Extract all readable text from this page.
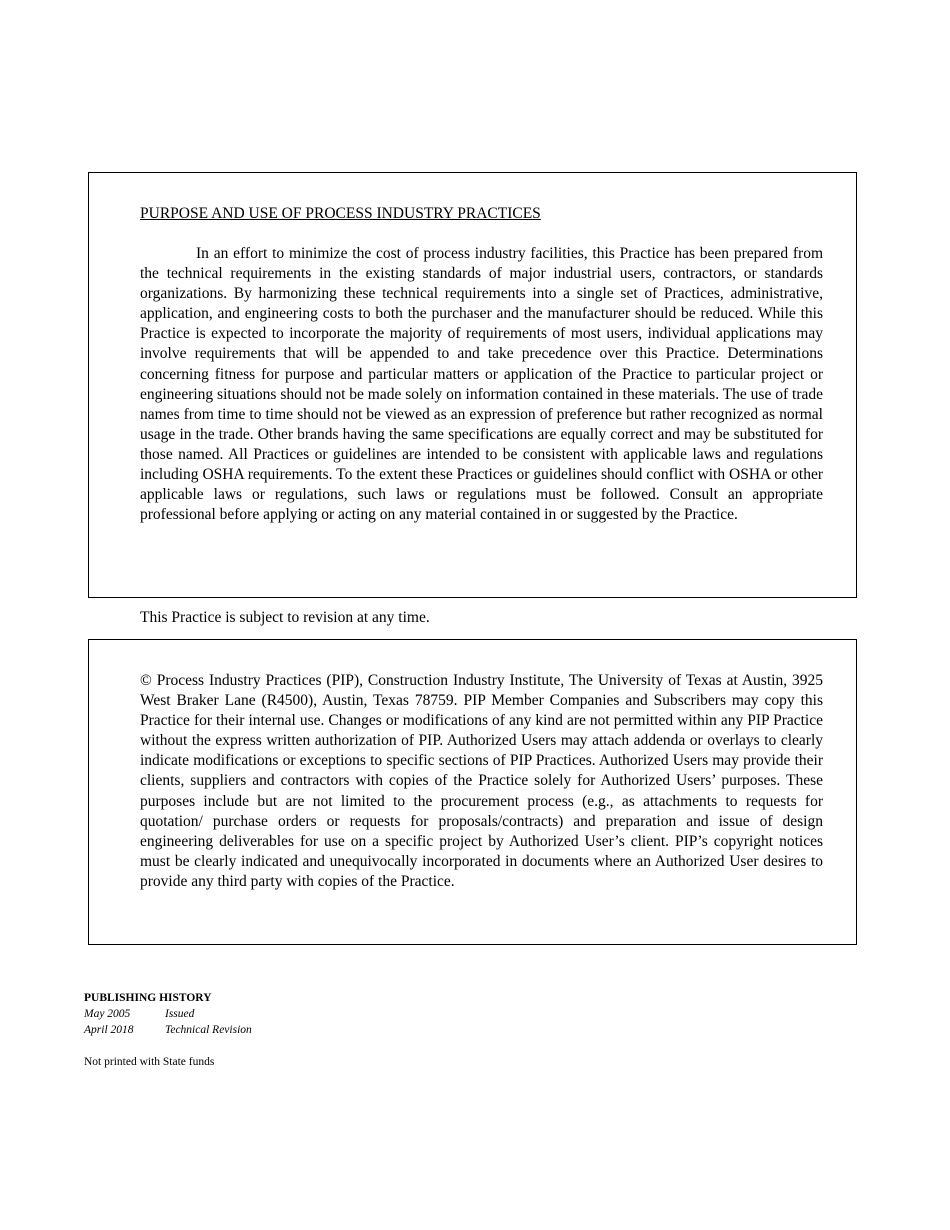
PURPOSE AND USE OF PROCESS INDUSTRY PRACTICES

In an effort to minimize the cost of process industry facilities, this Practice has been prepared from the technical requirements in the existing standards of major industrial users, contractors, or standards organizations. By harmonizing these technical requirements into a single set of Practices, administrative, application, and engineering costs to both the purchaser and the manufacturer should be reduced. While this Practice is expected to incorporate the majority of requirements of most users, individual applications may involve requirements that will be appended to and take precedence over this Practice. Determinations concerning fitness for purpose and particular matters or application of the Practice to particular project or engineering situations should not be made solely on information contained in these materials. The use of trade names from time to time should not be viewed as an expression of preference but rather recognized as normal usage in the trade. Other brands having the same specifications are equally correct and may be substituted for those named. All Practices or guidelines are intended to be consistent with applicable laws and regulations including OSHA requirements. To the extent these Practices or guidelines should conflict with OSHA or other applicable laws or regulations, such laws or regulations must be followed. Consult an appropriate professional before applying or acting on any material contained in or suggested by the Practice.

This Practice is subject to revision at any time.

© Process Industry Practices (PIP), Construction Industry Institute, The University of Texas at Austin, 3925 West Braker Lane (R4500), Austin, Texas 78759. PIP Member Companies and Subscribers may copy this Practice for their internal use. Changes or modifications of any kind are not permitted within any PIP Practice without the express written authorization of PIP. Authorized Users may attach addenda or overlays to clearly indicate modifications or exceptions to specific sections of PIP Practices. Authorized Users may provide their clients, suppliers and contractors with copies of the Practice solely for Authorized Users’ purposes. These purposes include but are not limited to the procurement process (e.g., as attachments to requests for quotation/ purchase orders or requests for proposals/contracts) and preparation and issue of design engineering deliverables for use on a specific project by Authorized User’s client. PIP’s copyright notices must be clearly indicated and unequivocally incorporated in documents where an Authorized User desires to provide any third party with copies of the Practice.

PUBLISHING HISTORY

May 2005	Issued
April 2018	Technical Revision

Not printed with State funds
